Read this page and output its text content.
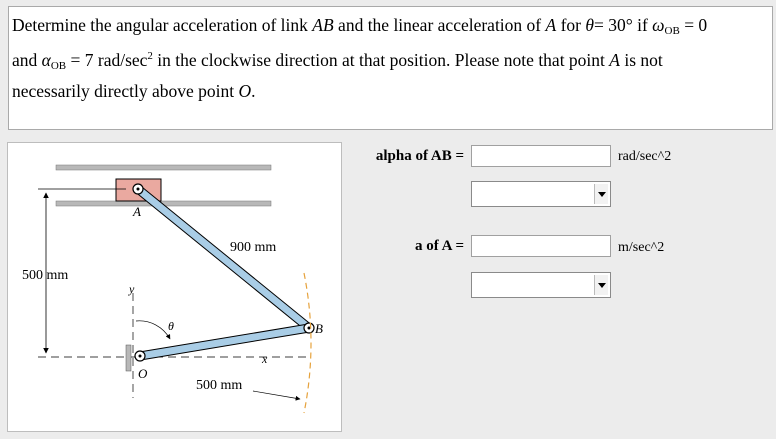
Determine the angular acceleration of link AB and the linear acceleration of A for θ= 30° if $\omega_{OB} = 0$
and $\alpha_{OB} = 7$ rad/$\sec^2$ in the clockwise direction at that position. Please note that point A is not
necessarily directly above point O.
A
B
O
y
x
θ
900 mm
500 mm
500 mm
alpha of AB =	rad/sec^2
a of A =	m/sec^2
